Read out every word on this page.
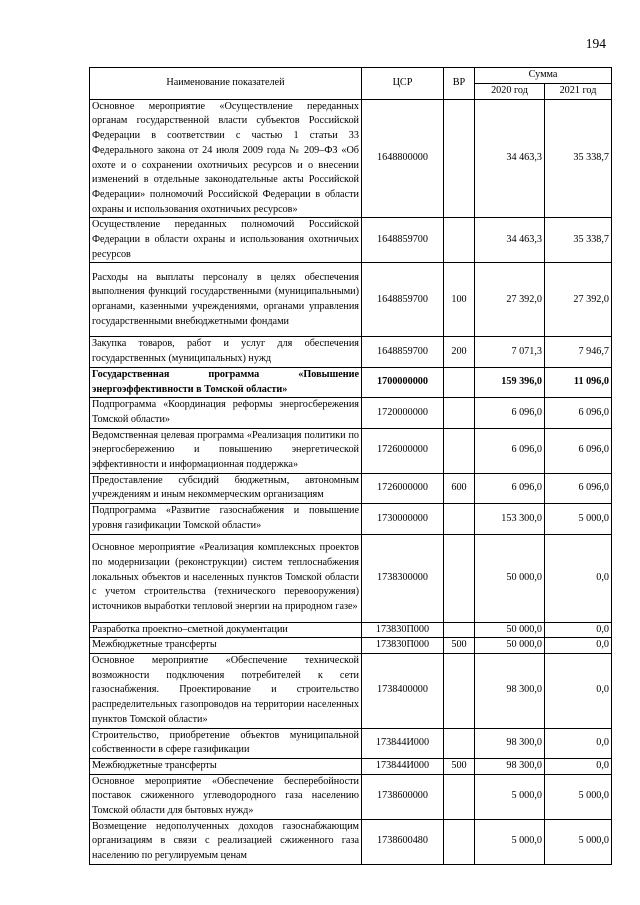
194
Наименование показателей	ЦСР	ВР	Сумма	
			2020 год	2021 год
Основное мероприятие «Осуществление переданных органам государственной власти субъектов Российской Федерации в соответствии с частью 1 статьи 33 Федерального закона от 24 июля 2009 года № 209–ФЗ «Об охоте и о сохранении охотничьих ресурсов и о внесении изменений в отдельные законодательные акты Российской Федерации» полномочий Российской Федерации в области охраны и использования охотничьих ресурсов»	1648800000		34 463,3	35 338,7
Осуществление переданных полномочий Российской Федерации в области охраны и использования охотничьих ресурсов	1648859700		34 463,3	35 338,7
Расходы на выплаты персоналу в целях обеспечения выполнения функций государственными (муниципальными) органами, казенными учреждениями, органами управления государственными внебюджетными фондами	1648859700	100	27 392,0	27 392,0
Закупка товаров, работ и услуг для обеспечения государственных (муниципальных) нужд	1648859700	200	7 071,3	7 946,7
Государственная программа «Повышение энергоэффективности в Томской области»	1700000000		159 396,0	11 096,0
Подпрограмма «Координация реформы энергосбережения Томской области»	1720000000		6 096,0	6 096,0
Ведомственная целевая программа «Реализация политики по энергосбережению и повышению энергетической эффективности и информационная поддержка»	1726000000		6 096,0	6 096,0
Предоставление субсидий бюджетным, автономным учреждениям и иным некоммерческим организациям	1726000000	600	6 096,0	6 096,0
Подпрограмма «Развитие газоснабжения и повышение уровня газификации Томской области»	1730000000		153 300,0	5 000,0
Основное мероприятие «Реализация комплексных проектов по модернизации (реконструкции) систем теплоснабжения локальных объектов и населенных пунктов Томской области с учетом строительства (технического перевооружения) источников выработки тепловой энергии на природном газе»	1738300000		50 000,0	0,0
Разработка проектно–сметной документации	173830П000		50 000,0	0,0
Межбюджетные трансферты	173830П000	500	50 000,0	0,0
Основное мероприятие «Обеспечение технической возможности подключения потребителей к сети газоснабжения. Проектирование и строительство распределительных газопроводов на территории населенных пунктов Томской области»	1738400000		98 300,0	0,0
Строительство, приобретение объектов муниципальной собственности в сфере газификации	173844И000		98 300,0	0,0
Межбюджетные трансферты	173844И000	500	98 300,0	0,0
Основное мероприятие «Обеспечение бесперебойности поставок сжиженного углеводородного газа населению Томской области для бытовых нужд»	1738600000		5 000,0	5 000,0
Возмещение недополученных доходов газоснабжающим организациям в связи с реализацией сжиженного газа населению по регулируемым ценам	1738600480		5 000,0	5 000,0
